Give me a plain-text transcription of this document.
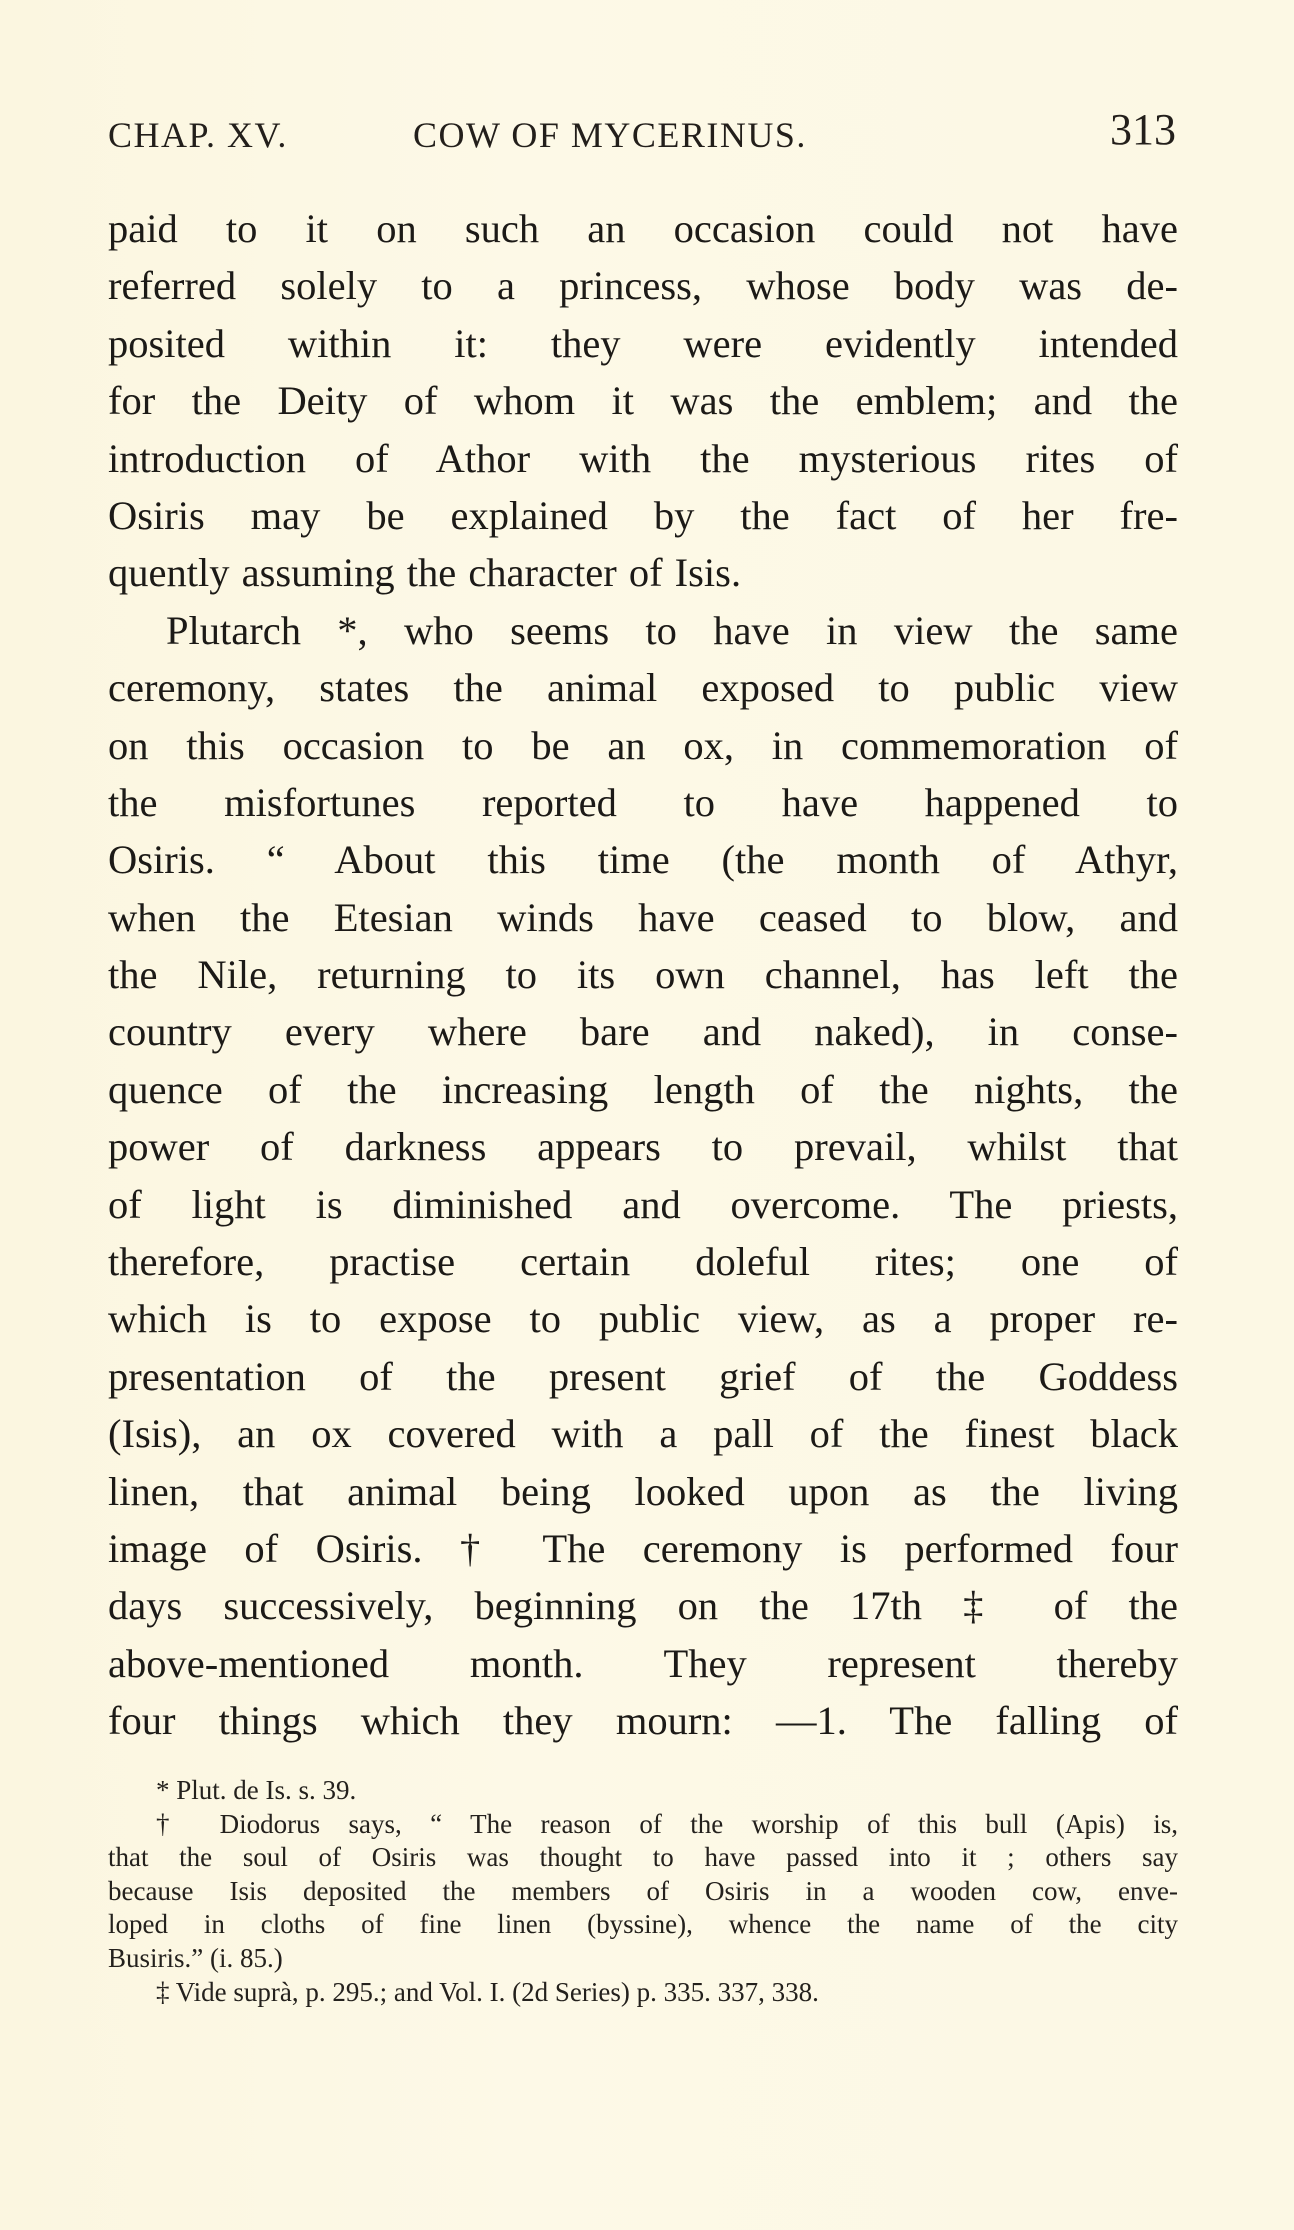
CHAP. XV.	COW OF MYCERINUS.	313
paid to it on such an occasion could not have
referred solely to a princess, whose body was de-
posited within it: they were evidently intended
for the Deity of whom it was the emblem; and the
introduction of Athor with the mysterious rites of
Osiris may be explained by the fact of her fre-
quently assuming the character of Isis.
Plutarch *, who seems to have in view the same
ceremony, states the animal exposed to public view
on this occasion to be an ox, in commemoration of
the misfortunes reported to have happened to
Osiris. “ About this time (the month of Athyr,
when the Etesian winds have ceased to blow, and
the Nile, returning to its own channel, has left the
country every where bare and naked), in conse-
quence of the increasing length of the nights, the
power of darkness appears to prevail, whilst that
of light is diminished and overcome. The priests,
therefore, practise certain doleful rites; one of
which is to expose to public view, as a proper re-
presentation of the present grief of the Goddess
(Isis), an ox covered with a pall of the finest black
linen, that animal being looked upon as the living
image of Osiris. † The ceremony is performed four
days successively, beginning on the 17th ‡ of the
above-mentioned month. They represent thereby
four things which they mourn: —1. The falling of
* Plut. de Is. s. 39.
† Diodorus says, “ The reason of the worship of this bull (Apis) is,
that the soul of Osiris was thought to have passed into it ; others say
because Isis deposited the members of Osiris in a wooden cow, enve-
loped in cloths of fine linen (byssine), whence the name of the city
Busiris.” (i. 85.)
‡ Vide suprà, p. 295.; and Vol. I. (2d Series) p. 335. 337, 338.
